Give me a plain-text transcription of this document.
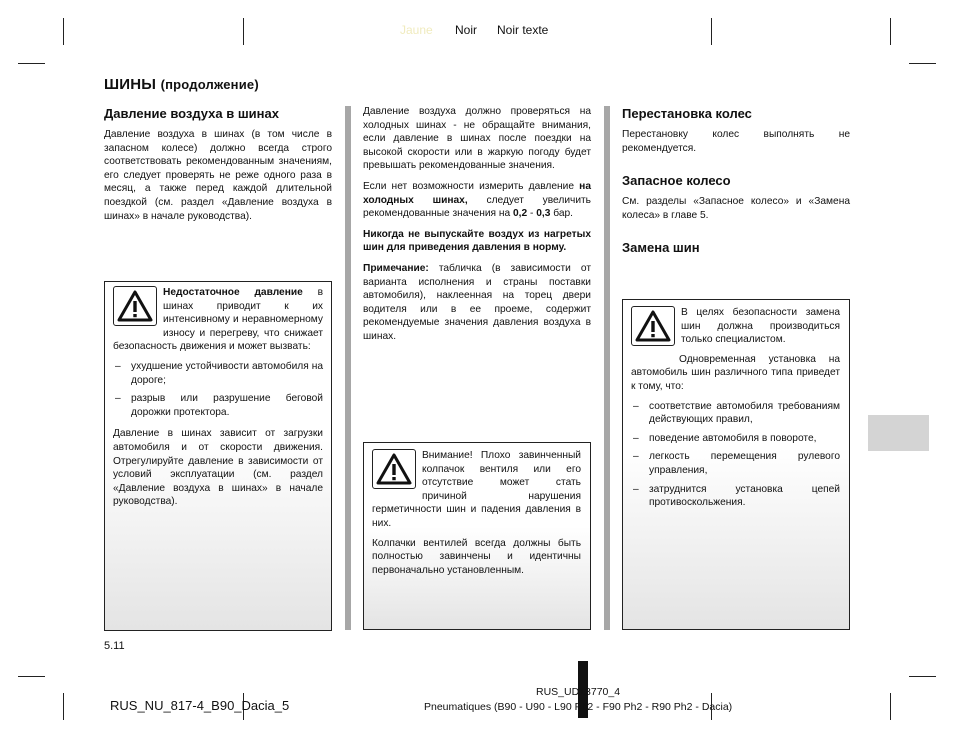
Jaune Noir Noir texte
ШИНЫ (продолжение)
Давление воздуха в шинах

Давление воздуха в шинах (в том числе в запасном колесе) должно всегда строго соответствовать рекомендованным значениям, его следует проверять не реже одного раза в месяц, а также перед каждой длительной поездкой (см. раздел «Давление воздуха в шинах» в начале руководства).

Недостаточное давление в шинах приводит к их интенсивному и неравномерному износу и перегреву, что снижает безопасность движения и может вызвать:

– ухудшение устойчивости автомобиля на дороге;
– разрыв или разрушение беговой дорожки протектора.

Давление в шинах зависит от загрузки автомобиля и от скорости движения. Отрегулируйте давление в зависимости от условий эксплуатации (см. раздел «Давление воздуха в шинах» в начале руководства).

Давление воздуха должно проверяться на холодных шинах - не обращайте внимания, если давление в шинах после поездки на высокой скорости или в жаркую погоду будет превышать рекомендованные значения.

Если нет возможности измерить давление на холодных шинах, следует увеличить рекомендованные значения на 0,2 - 0,3 бар.

Никогда не выпускайте воздух из нагретых шин для приведения давления в норму.

Примечание: табличка (в зависимости от варианта исполнения и страны поставки автомобиля), наклеенная на торец двери водителя или в ее проеме, содержит рекомендуемые значения давления воздуха в шинах.

Внимание! Плохо завинченный колпачок вентиля или его отсутствие может стать причиной нарушения герметичности шин и падения давления в них.

Колпачки вентилей всегда должны быть полностью завинчены и идентичны первоначально установленным.

Перестановка колес

Перестановку колес выполнять не рекомендуется.

Запасное колесо

См. разделы «Запасное колесо» и «Замена колеса» в главе 5.

Замена шин

В целях безопасности замена шин должна производиться только специалистом.

Одновременная установка на автомобиль шин различного типа приведет к тому, что:

– соответствие автомобиля требованиям действующих правил,
– поведение автомобиля в повороте,
– легкость перемещения рулевого управления,
– затруднится установка цепей противоскольжения.
5.11
RUS_NU_817-4_B90_Dacia_5
RUS_UD13770_4
Pneumatiques (B90 - U90 - L90 Ph2 - F90 Ph2 - R90 Ph2 - Dacia)
